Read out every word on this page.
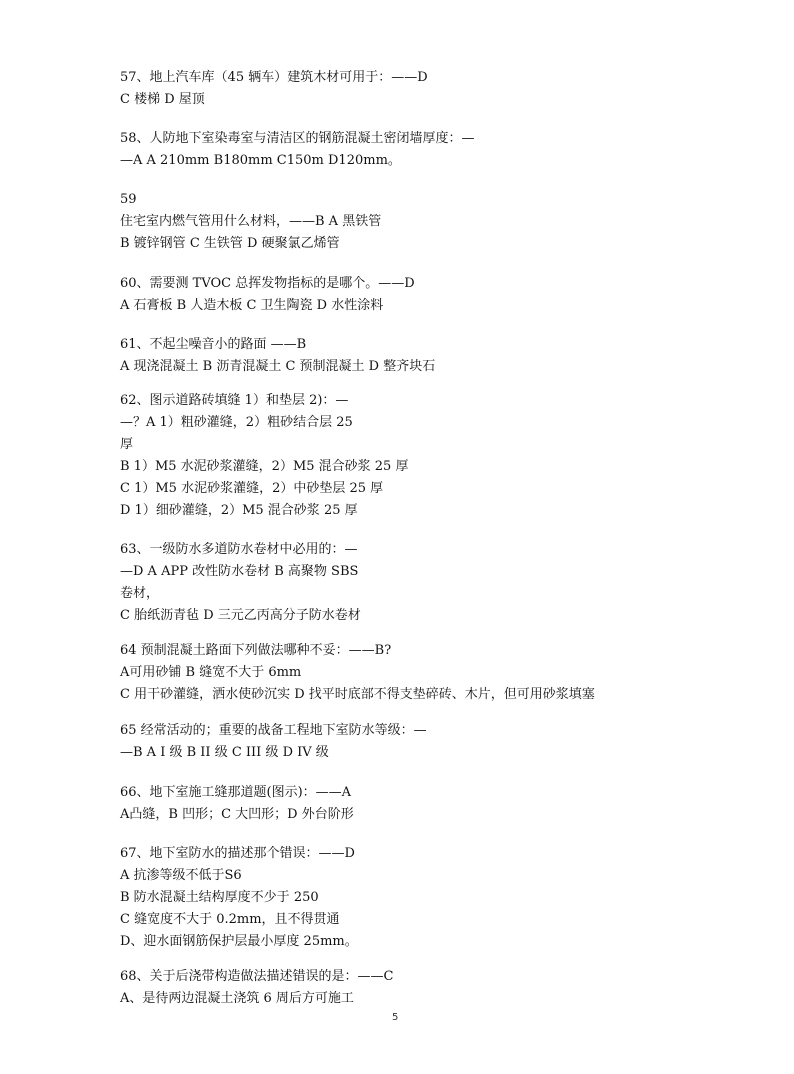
57、地上汽车库（45 辆车）建筑木材可用于：——D
C 楼梯 D 屋顶
58、人防地下室染毒室与清洁区的钢筋混凝土密闭墙厚度：—
—A A 210mm B180mm C150m D120mm。
59
住宅室内燃气管用什么材料，——B A 黑铁管
B 镀锌钢管 C 生铁管 D 硬聚氯乙烯管
60、需要测 TVOC 总挥发物指标的是哪个。——D
A 石膏板 B 人造木板 C 卫生陶瓷 D 水性涂料
61、不起尘噪音小的路面 ——B
A 现浇混凝土 B 沥青混凝土 C 预制混凝土 D 整齐块石
62、图示道路砖填缝 1）和垫层 2)：—
—？A 1）粗砂灌缝，2）粗砂结合层 25
厚
B 1）M5 水泥砂浆灌缝，2）M5 混合砂浆 25 厚
C 1）M5 水泥砂浆灌缝，2）中砂垫层 25 厚
D 1）细砂灌缝，2）M5 混合砂浆 25 厚
63、一级防水多道防水卷材中必用的：—
—D A APP 改性防水卷材 B 高聚物 SBS
卷材，
C 胎纸沥青毡 D 三元乙丙高分子防水卷材
64 预制混凝土路面下列做法哪种不妥：——B?
A可用砂铺 B 缝宽不大于 6mm
C 用干砂灌缝，洒水使砂沉实 D 找平时底部不得支垫碎砖、木片，但可用砂浆填塞
65 经常活动的；重要的战备工程地下室防水等级：—
—B A I 级 B II 级 C III 级 D IV 级
66、地下室施工缝那道题(图示)：——A
A凸缝，B 凹形；C 大凹形；D 外台阶形
67、地下室防水的描述那个错误：——D
A 抗渗等级不低于S6
B 防水混凝土结构厚度不少于 250
C 缝宽度不大于 0.2mm，且不得贯通
D、迎水面钢筋保护层最小厚度 25mm。
68、关于后浇带构造做法描述错误的是：——C
A、是待两边混凝土浇筑 6 周后方可施工
5
